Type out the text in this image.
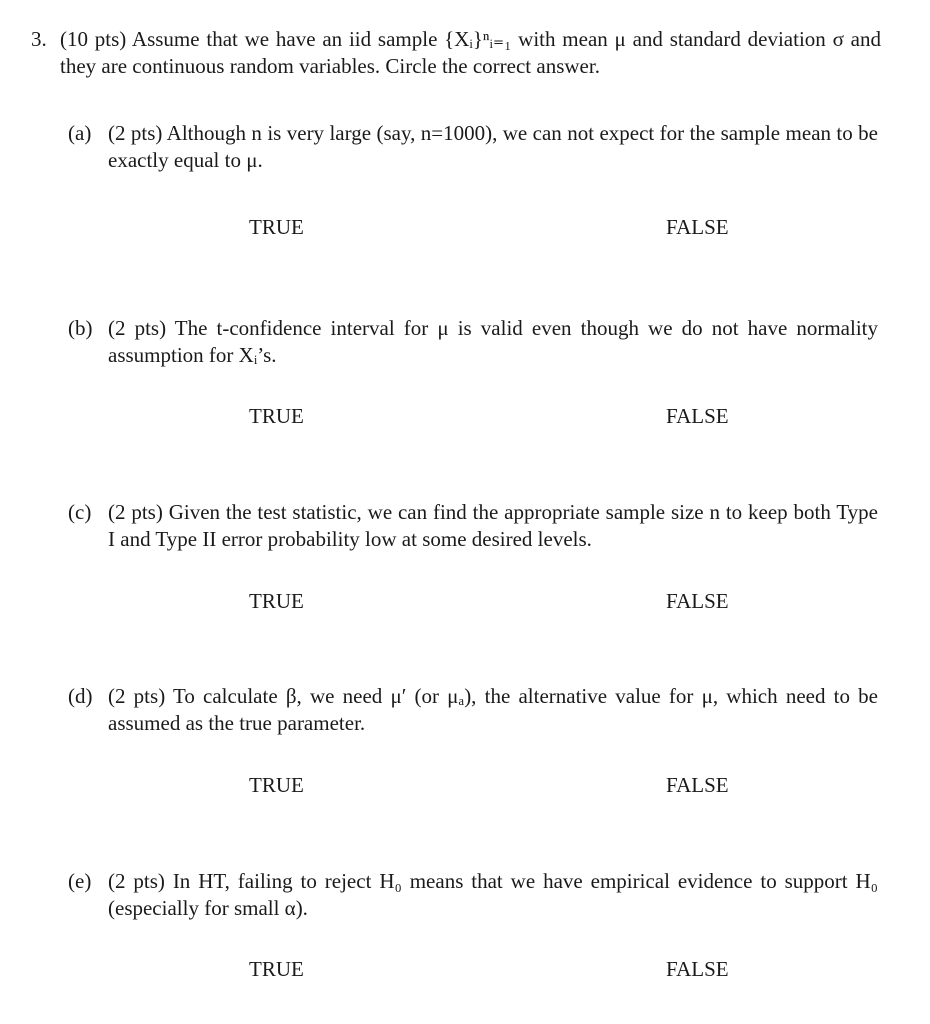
3. (10 pts) Assume that we have an iid sample {Xᵢ}ⁿᵢ₌₁ with mean μ and standard deviation σ and they are continuous random variables. Circle the correct answer.
(a) (2 pts) Although n is very large (say, n=1000), we can not expect for the sample mean to be exactly equal to μ.
TRUE	FALSE
(b) (2 pts) The t-confidence interval for μ is valid even though we do not have normality assumption for Xᵢ’s.
TRUE	FALSE
(c) (2 pts) Given the test statistic, we can find the appropriate sample size n to keep both Type I and Type II error probability low at some desired levels.
TRUE	FALSE
(d) (2 pts) To calculate β, we need μ′ (or μₐ), the alternative value for μ, which need to be assumed as the true parameter.
TRUE	FALSE
(e) (2 pts) In HT, failing to reject H₀ means that we have empirical evidence to support H₀ (especially for small α).
TRUE	FALSE
